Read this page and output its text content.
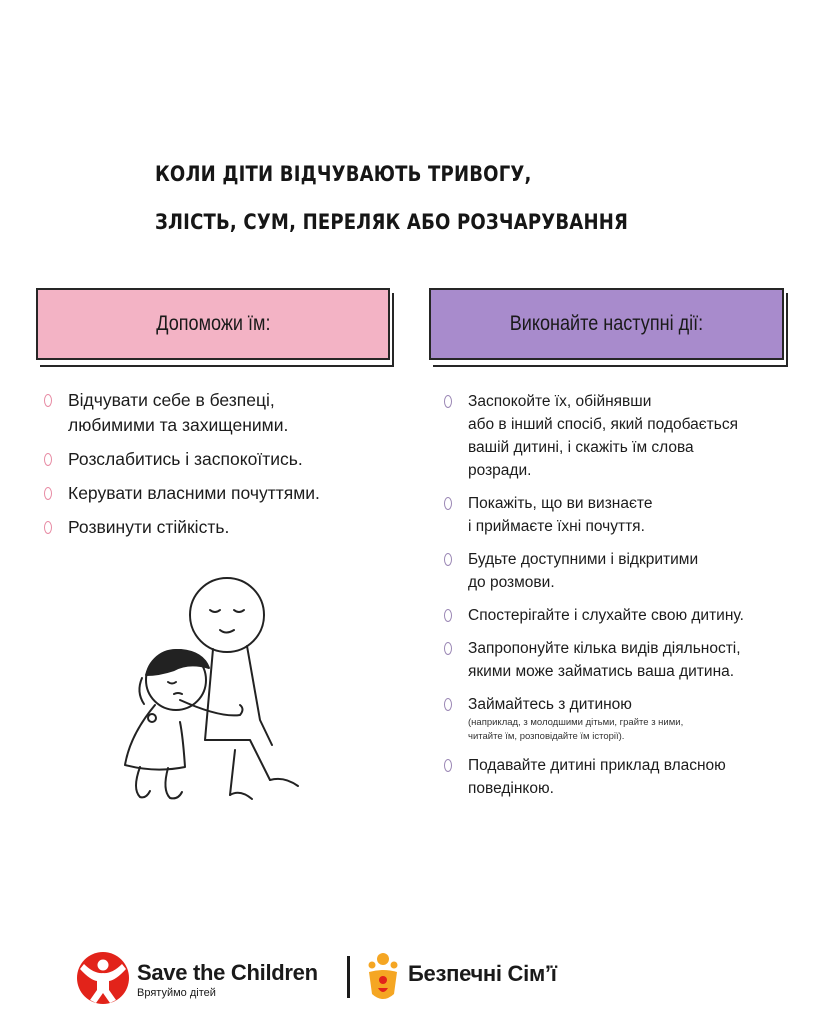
КОЛИ ДІТИ ВІДЧУВАЮТЬ ТРИВОГУ,
ЗЛІСТЬ, СУМ, ПЕРЕЛЯК АБО РОЗЧАРУВАННЯ
Допоможи їм:	Виконайте наступні дії:
Відчувати себе в безпеці,
любимими та захищеними.
Розслабитись і заспокоїтись.
Керувати власними почуттями.
Розвинути стійкість.
Заспокойте їх, обійнявши
або в інший спосіб, який подобається
вашій дитині, і скажіть їм слова
розради.
Покажіть, що ви визнаєте
і приймаєте їхні почуття.
Будьте доступними і відкритими
до розмови.
Спостерігайте і слухайте свою дитину.
Запропонуйте кілька видів діяльності,
якими може займатись ваша дитина.
Займайтесь з дитиною
(наприклад, з молодшими дітьми, грайте з ними,
читайте їм, розповідайте їм історії).
Подавайте дитині приклад власною
поведінкою.
Save the Children
Врятуймо дітей
Безпечні Сім’ї
